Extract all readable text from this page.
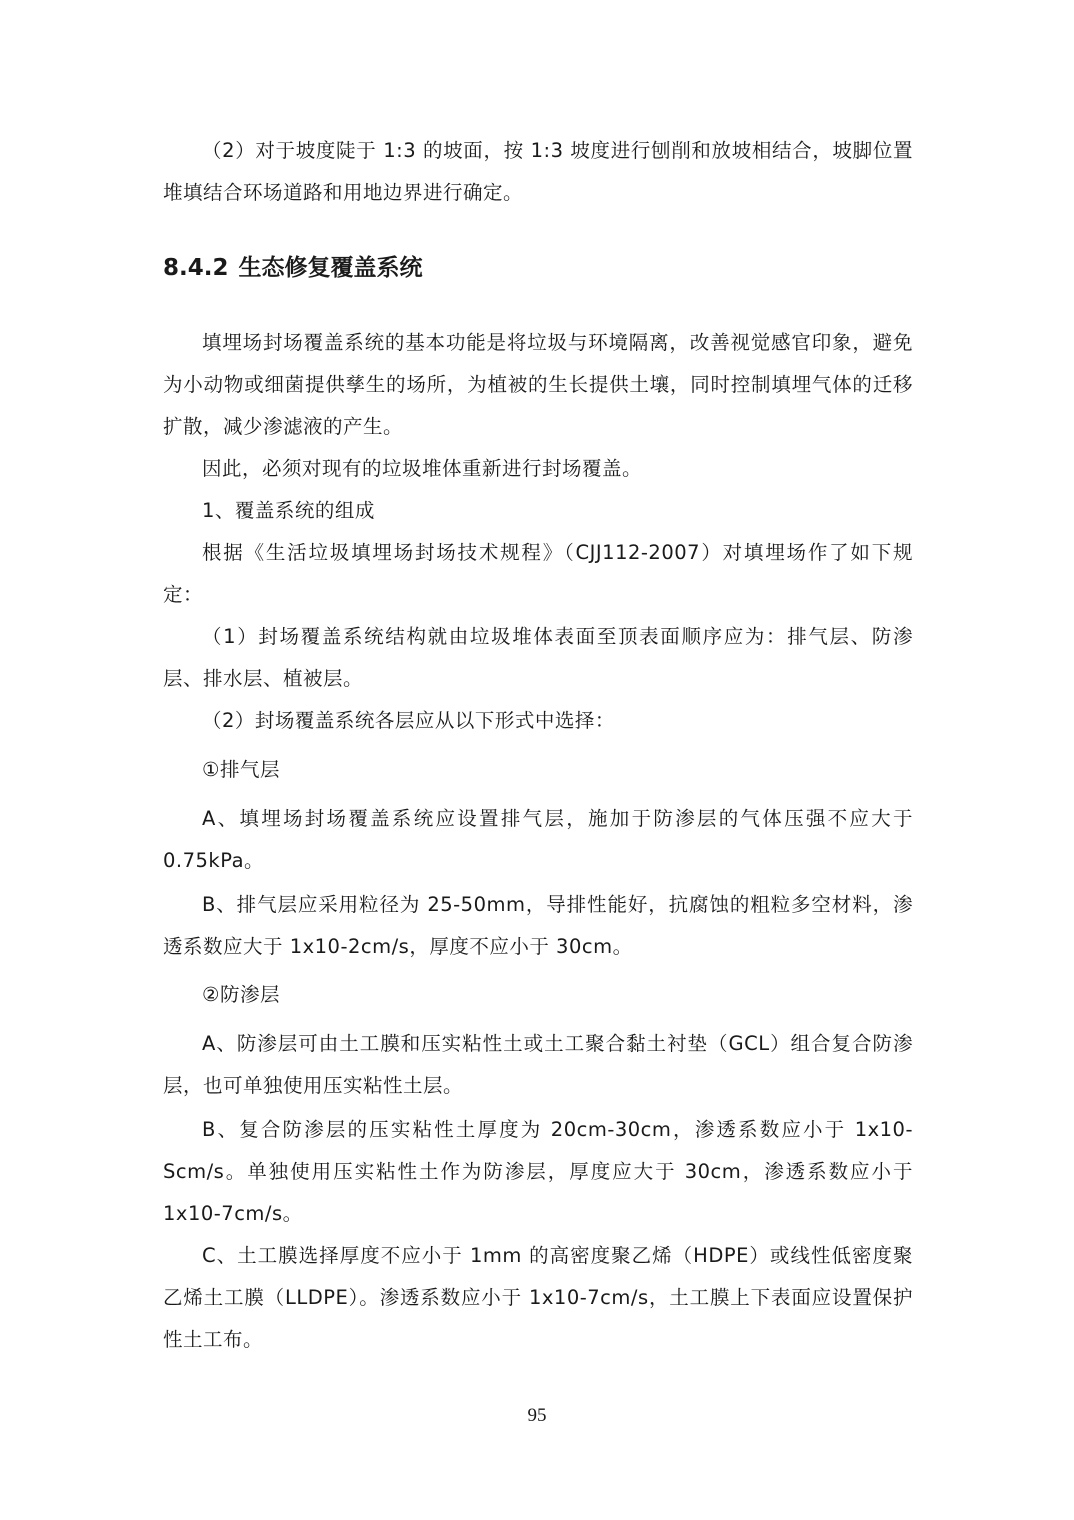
（2）对于坡度陡于 1:3 的坡面，按 1:3 坡度进行刨削和放坡相结合，坡脚位置堆填结合环场道路和用地边界进行确定。

8.4.2 生态修复覆盖系统

填埋场封场覆盖系统的基本功能是将垃圾与环境隔离，改善视觉感官印象，避免为小动物或细菌提供孳生的场所，为植被的生长提供土壤，同时控制填埋气体的迁移扩散，减少渗滤液的产生。

因此，必须对现有的垃圾堆体重新进行封场覆盖。

1、覆盖系统的组成

根据《生活垃圾填埋场封场技术规程》（CJJ112-2007）对填埋场作了如下规定：

（1）封场覆盖系统结构就由垃圾堆体表面至顶表面顺序应为：排气层、防渗层、排水层、植被层。

（2）封场覆盖系统各层应从以下形式中选择：

①排气层

A、填埋场封场覆盖系统应设置排气层，施加于防渗层的气体压强不应大于 0.75kPa。

B、排气层应采用粒径为 25-50mm，导排性能好，抗腐蚀的粗粒多空材料，渗透系数应大于 1x10-2cm/s，厚度不应小于 30cm。

②防渗层

A、防渗层可由土工膜和压实粘性土或土工聚合黏土衬垫（GCL）组合复合防渗层，也可单独使用压实粘性土层。

B、复合防渗层的压实粘性土厚度为 20cm-30cm，渗透系数应小于 1x10-Scm/s。单独使用压实粘性土作为防渗层，厚度应大于 30cm，渗透系数应小于 1x10-7cm/s。

C、土工膜选择厚度不应小于 1mm 的高密度聚乙烯（HDPE）或线性低密度聚乙烯土工膜（LLDPE）。渗透系数应小于 1x10-7cm/s，土工膜上下表面应设置保护性土工布。

95
